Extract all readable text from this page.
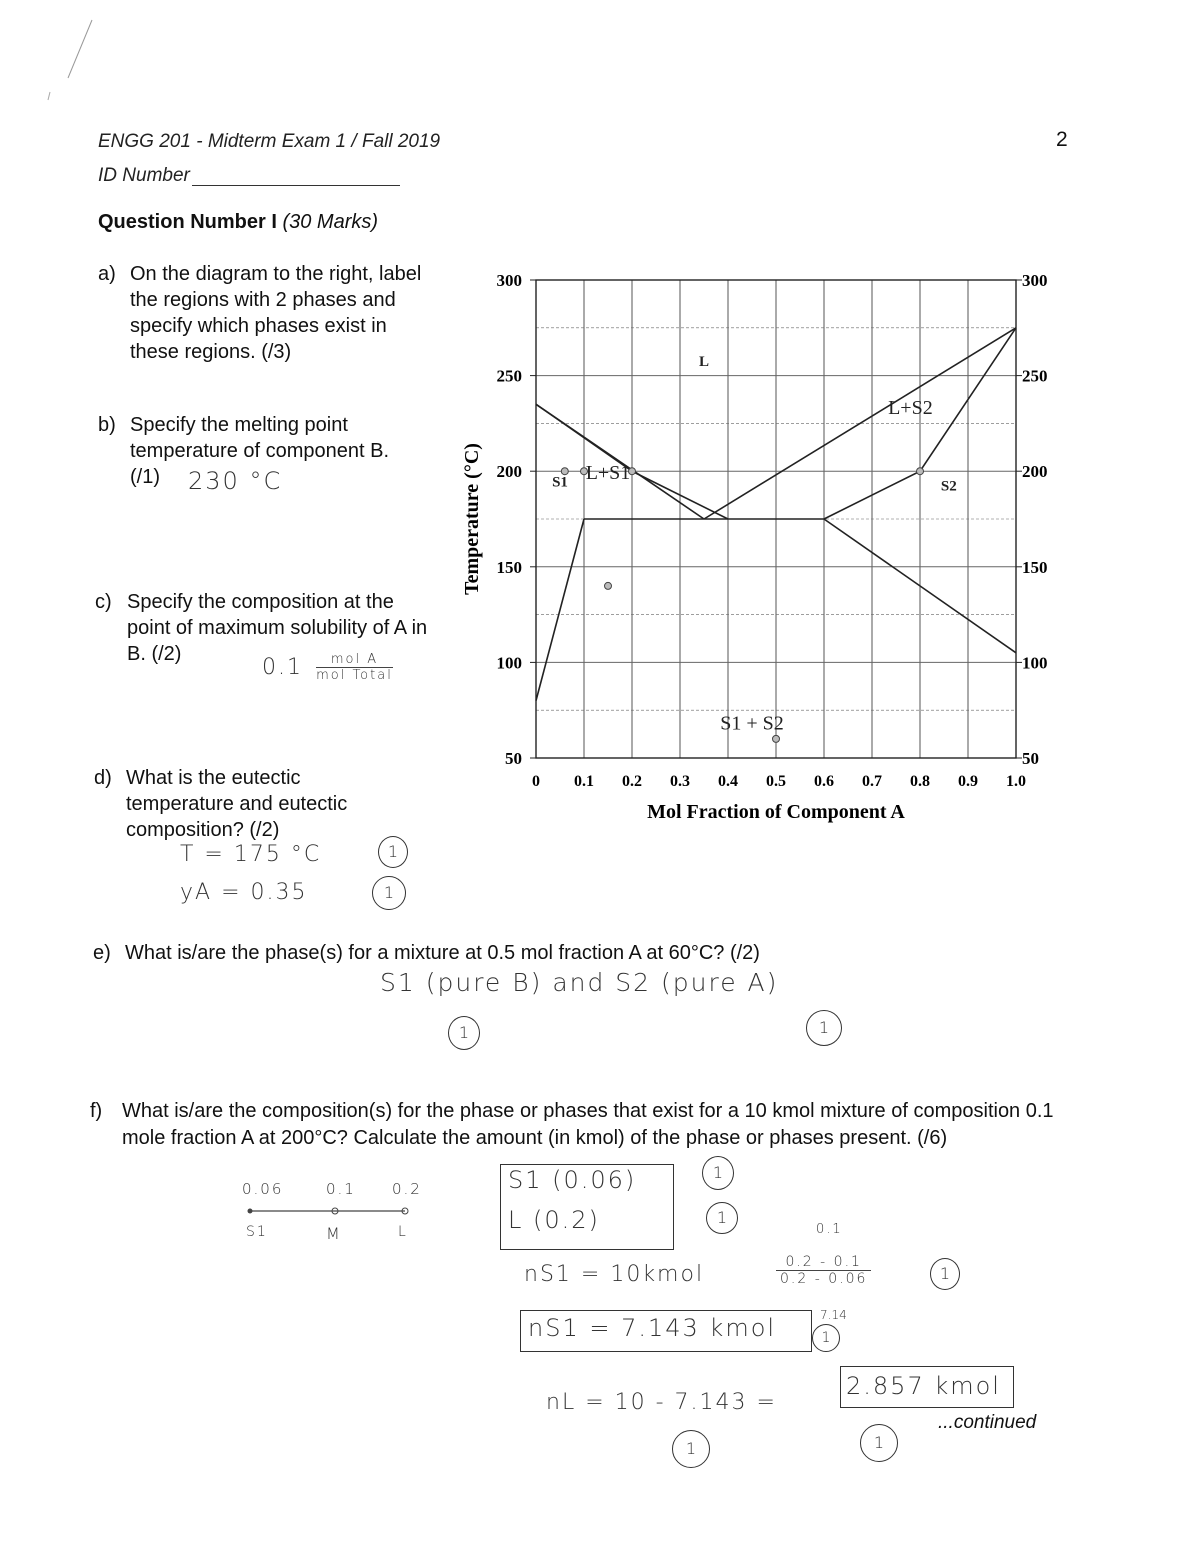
ENGG 201 - Midterm Exam 1 / Fall 2019	2
ID Number
Question Number I (30 Marks)
a) On the diagram to the right, label the regions with 2 phases and specify which phases exist in these regions. (/3)
b) Specify the melting point temperature of component B. (/1)	230 °C
c) Specify the composition at the point of maximum solubility of A in B. (/2)
0.1	mol A
mol Total
d) What is the eutectic temperature and eutectic composition? (/2)
T = 175 °C
yA = 0.35
1
1
300	300
250	250
200	200
150	150
100	100
50	50
0 0.1 0.2 0.3 0.4 0.5 0.6 0.7 0.8 0.9 1.0
Mol Fraction of Component A
Temperature (°C)
L
S1 L+S1
L+S2
S2
S1 + S2
e) What is/are the phase(s) for a mixture at 0.5 mol fraction A at 60°C? (/2)
S1 (pure B) and S2 (pure A)
1	1
f) What is/are the composition(s) for the phase or phases that exist for a 10 kmol mixture of composition 0.1 mole fraction A at 200°C? Calculate the amount (in kmol) of the phase or phases present. (/6)
0.06	0.1 0.2
S1	M	L
S1 (0.06)
L (0.2)
1
1
0.1
nS1 = 10kmol	$\frac{0.2 - 0.1}{0.2 - 0.06}$	1
nS1 = 7.143 kmol	7.14
1
nL = 10 - 7.143 =
2.857 kmol
1	1
...continued
